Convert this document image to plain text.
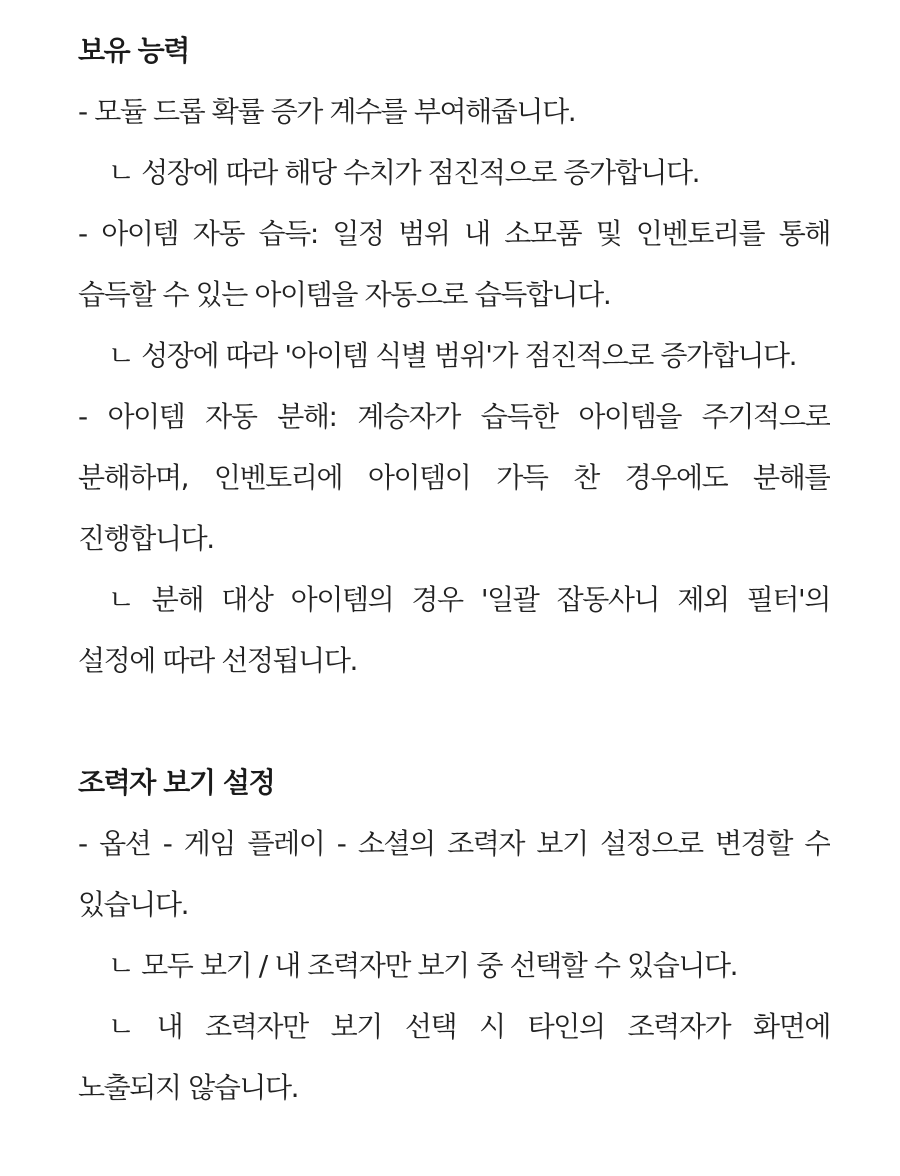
보유 능력
- 모듈 드롭 확률 증가 계수를 부여해줍니다.
ㄴ 성장에 따라 해당 수치가 점진적으로 증가합니다.
- 아이템 자동 습득: 일정 범위 내 소모품 및 인벤토리를 통해
습득할 수 있는 아이템을 자동으로 습득합니다.
ㄴ 성장에 따라 '아이템 식별 범위'가 점진적으로 증가합니다.
- 아이템 자동 분해: 계승자가 습득한 아이템을 주기적으로
분해하며, 인벤토리에 아이템이 가득 찬 경우에도 분해를
진행합니다.
ㄴ 분해 대상 아이템의 경우 '일괄 잡동사니 제외 필터'의
설정에 따라 선정됩니다.
조력자 보기 설정
- 옵션 - 게임 플레이 - 소셜의 조력자 보기 설정으로 변경할 수
있습니다.
ㄴ 모두 보기 / 내 조력자만 보기 중 선택할 수 있습니다.
ㄴ 내 조력자만 보기 선택 시 타인의 조력자가 화면에
노출되지 않습니다.
